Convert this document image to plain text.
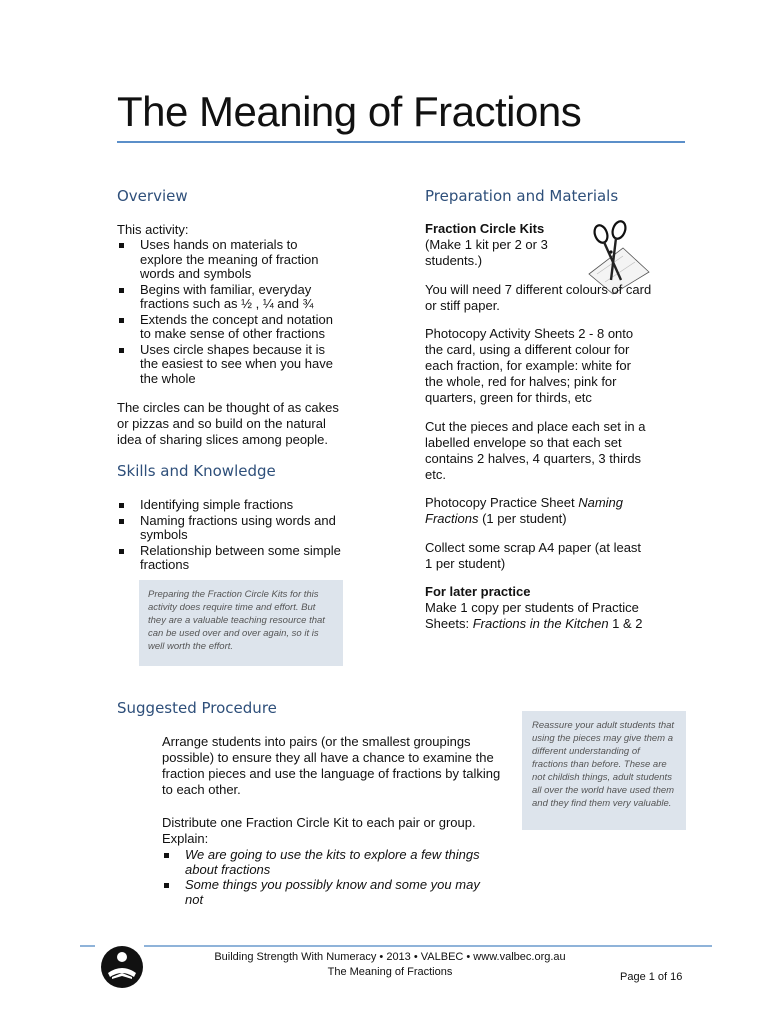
The Meaning of Fractions
Overview

This activity:

Uses hands on materials to explore the meaning of fraction words and symbols
Begins with familiar, everyday fractions such as ½ , ¼ and ¾
Extends the concept and notation to make sense of other fractions
Uses circle shapes because it is the easiest to see when you have the whole

The circles can be thought of as cakes or pizzas and so build on the natural idea of sharing slices among people.

Skills and Knowledge
Identifying simple fractions
Naming fractions using words and symbols
Relationship between some simple fractions
Preparing the Fraction Circle Kits for this activity does require time and effort. But they are a valuable teaching resource that can be used over and over again, so it is well worth the effort.
Preparation and Materials
Fraction Circle Kits

(Make 1 kit per 2 or 3 students.)

You will need 7 different colours of card or stiff paper.

Photocopy Activity Sheets 2 - 8 onto the card, using a different colour for each fraction, for example: white for the whole, red for halves; pink for quarters, green for thirds, etc

Cut the pieces and place each set in a labelled envelope so that each set contains 2 halves, 4 quarters, 3 thirds etc.

Photocopy Practice Sheet Naming Fractions (1 per student)

Collect some scrap A4 paper (at least 1 per student)

For later practice

Make 1 copy per students of Practice Sheets: Fractions in the Kitchen 1 & 2

Suggested Procedure

Arrange students into pairs (or the smallest groupings possible) to ensure they all have a chance to examine the fraction pieces and use the language of fractions by talking to each other.

Distribute one Fraction Circle Kit to each pair or group. Explain:

We are going to use the kits to explore a few things about fractions
Some things you possibly know and some you may not
Reassure your adult students that using the pieces may give them a different understanding of fractions than before. These are not childish things, adult students all over the world have used them and they find them very valuable.
Building Strength With Numeracy • 2013 • VALBEC • www.valbec.org.au
The Meaning of Fractions	Page 1 of 16
